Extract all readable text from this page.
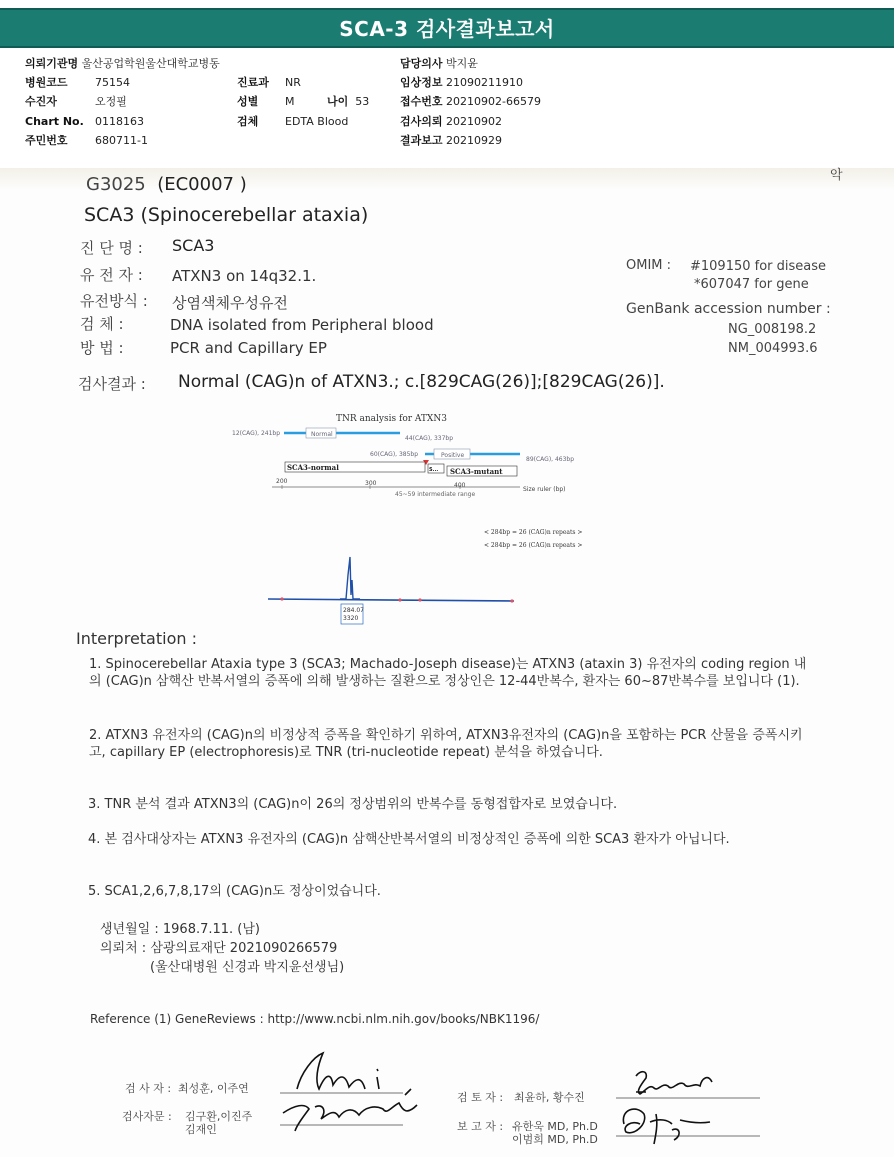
SCA-3 검사결과보고서
의뢰기관명 울산공업학원울산대학교병동
병원코드 75154
수진자	오정필
Chart No. 0118163
주민번호 680711-1
진료과 NR
성별 M	나이 53
검체 EDTA Blood
담당의사 박지윤
임상정보 21090211910
접수번호 20210902-66579
검사의뢰 20210902
결과보고 20210929
악
G3025 (EC0007 )
SCA3 (Spinocerebellar ataxia)
진 단 명 : SCA3
유 전 자 : ATXN3 on 14q32.1.
유전방식 : 상염색체우성유전
검 체 :	DNA isolated from Peripheral blood
방 법 :	PCR and Capillary EP
OMIM : #109150 for disease
*607047 for gene
GenBank accession number :
NG_008198.2
NM_004993.6
검사결과 : Normal (CAG)n of ATXN3.; c.[829CAG(26)];[829CAG(26)].
TNR analysis for ATXN3
12(CAG), 241bp	Normal
44(CAG), 337bp
60(CAG), 385bp	Positive
89(CAG), 463bp
SCA3-normal	S... SCA3-mutant
200	300	400
Size ruler (bp)
45~59 intermediate range
< 284bp = 26 (CAG)n repeats >
< 284bp = 26 (CAG)n repeats >
284.07
3320
Interpretation :
1. Spinocerebellar Ataxia type 3 (SCA3; Machado-Joseph disease)는 ATXN3 (ataxin 3) 유전자의 coding region 내의 (CAG)n 삼핵산 반복서열의 증폭에 의해 발생하는 질환으로 정상인은 12-44반복수, 환자는 60~87반복수를 보입니다 (1).
2. ATXN3 유전자의 (CAG)n의 비정상적 증폭을 확인하기 위하여, ATXN3유전자의 (CAG)n을 포함하는 PCR 산물을 증폭시키고, capillary EP (electrophoresis)로 TNR (tri-nucleotide repeat) 분석을 하였습니다.
3. TNR 분석 결과 ATXN3의 (CAG)n이 26의 정상범위의 반복수를 동형접합자로 보였습니다.
4. 본 검사대상자는 ATXN3 유전자의 (CAG)n 삼핵산반복서열의 비정상적인 증폭에 의한 SCA3 환자가 아닙니다.
5. SCA1,2,6,7,8,17의 (CAG)n도 정상이었습니다.
생년월일 : 1968.7.11. (남)
의뢰처 : 삼광의료재단 2021090266579
(울산대병원 신경과 박지윤선생님)
Reference (1) GeneReviews : http://www.ncbi.nlm.nih.gov/books/NBK1196/
검 사 자 : 최성훈, 이주연
검사자문 : 김구환,이진주
김재인
검 토 자 : 최윤하, 황수진
보 고 자 : 유한욱 MD, Ph.D
이범희 MD, Ph.D
